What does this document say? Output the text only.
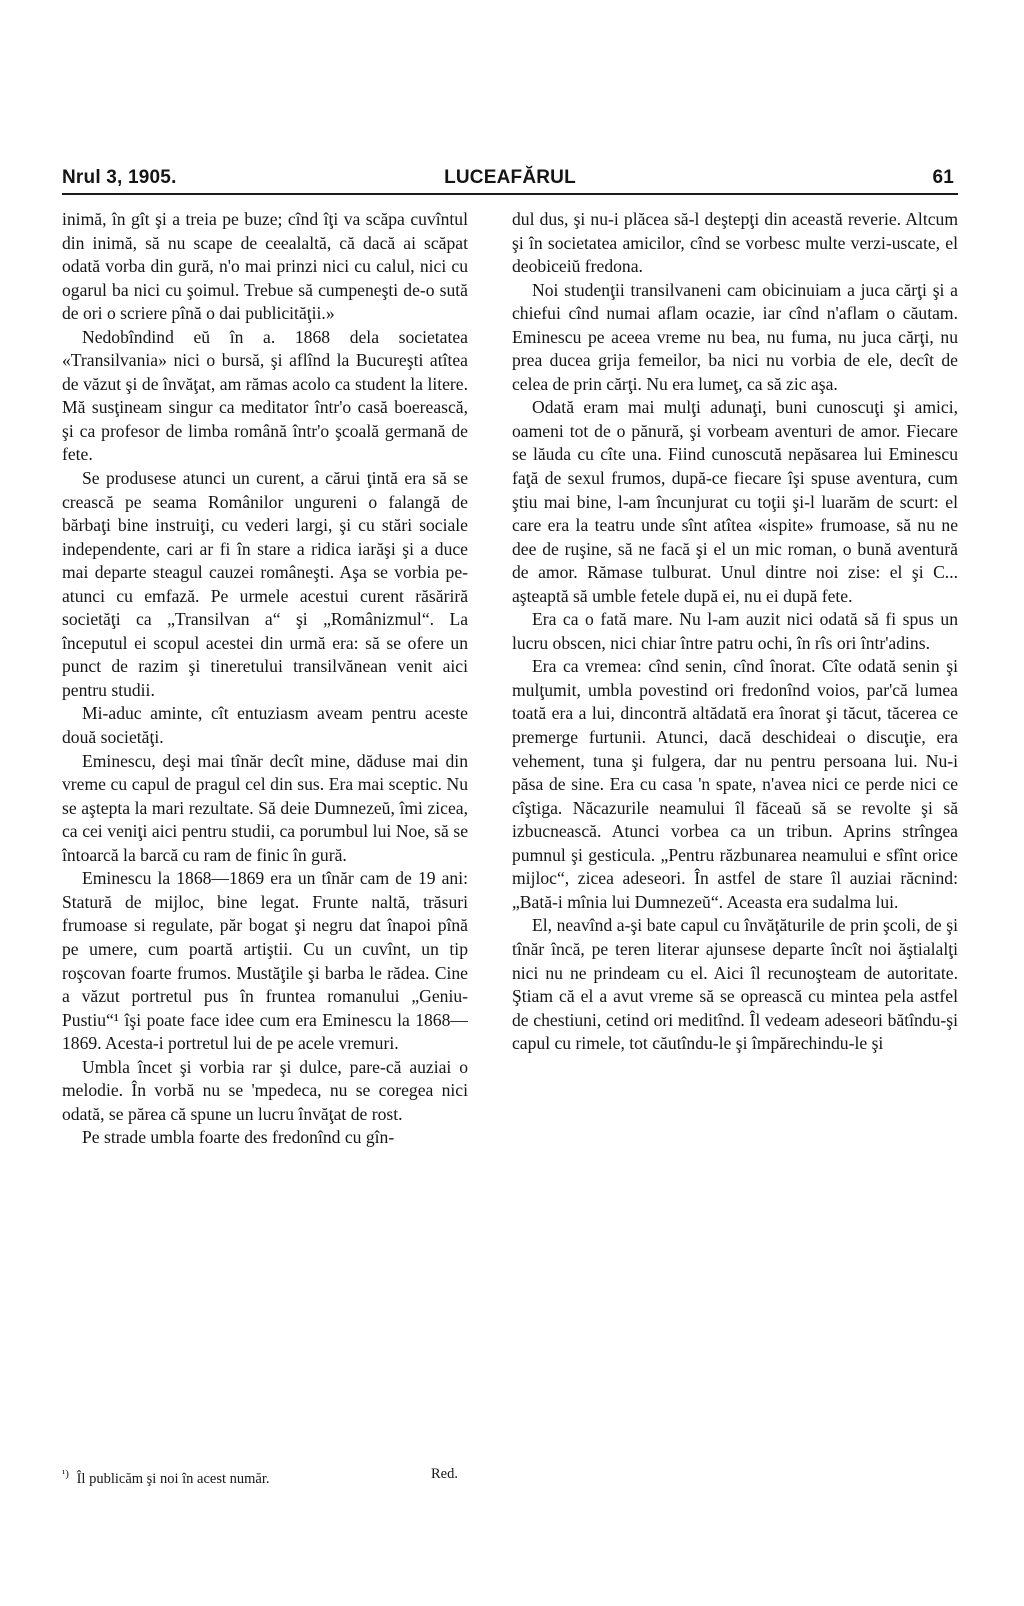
Nrul 3, 1905.	LUCEAFĂRUL	61

inimă, în gît şi a treia pe buze; cînd îţi va scăpa cuvîntul din inimă, să nu scape de ceealaltă, că dacă ai scăpat odată vorba din gură, n'o mai prinzi nici cu calul, nici cu ogarul ba nici cu şoimul. Trebue să cumpeneşti de-o sută de ori o scriere pînă o dai publicităţii.»

Nedobîndind eŭ în a. 1868 dela societatea «Transilvania» nici o bursă, şi aflînd la Bucureşti atîtea de văzut şi de învăţat, am rămas acolo ca student la litere. Mă susţineam singur ca meditator într'o casă boerească, şi ca profesor de limba română într'o şcoală germană de fete.

Se produsese atunci un curent, a cărui ţintă era să se crească pe seama Românilor ungureni o falangă de bărbaţi bine instruiţi, cu vederi largi, şi cu stări sociale independente, cari ar fi în stare a ridica iarăşi şi a duce mai departe steagul cauzei româneşti. Aşa se vorbia pe-atunci cu emfază. Pe urmele acestui curent răsăriră societăţi ca „Transilvan a“ şi „Românizmul“. La începutul ei scopul acestei din urmă era: să se ofere un punct de razim şi tineretului transilvănean venit aici pentru studii.

Mi-aduc aminte, cît entuziasm aveam pentru aceste două societăţi.

Eminescu, deşi mai tînăr decît mine, dăduse mai din vreme cu capul de pragul cel din sus. Era mai sceptic. Nu se aştepta la mari rezultate. Să deie Dumnezeŭ, îmi zicea, ca cei veniţi aici pentru studii, ca porumbul lui Noe, să se întoarcă la barcă cu ram de finic în gură.

Eminescu la 1868—1869 era un tînăr cam de 19 ani: Statură de mijloc, bine legat. Frunte naltă, trăsuri frumoase si regulate, păr bogat şi negru dat înapoi pînă pe umere, cum poartă artiştii. Cu un cuvînt, un tip roşcovan foarte frumos. Mustăţile şi barba le rădea. Cine a văzut portretul pus în fruntea romanului „Geniu-Pustiu“¹ îşi poate face idee cum era Eminescu la 1868—1869. Acesta-i portretul lui de pe acele vremuri.

Umbla încet şi vorbia rar şi dulce, pare-că auziai o melodie. În vorbă nu se 'mpedeca, nu se coregea nici odată, se părea că spune un lucru învăţat de rost.

Pe strade umbla foarte des fredonînd cu gîn-

dul dus, şi nu-i plăcea să-l deştepţi din această reverie. Altcum şi în societatea amicilor, cînd se vorbesc multe verzi-uscate, el deobiceiŭ fredona.

Noi studenţii transilvaneni cam obicinuiam a juca cărţi şi a chiefui cînd numai aflam ocazie, iar cînd n'aflam o căutam. Eminescu pe aceea vreme nu bea, nu fuma, nu juca cărţi, nu prea ducea grija femeilor, ba nici nu vorbia de ele, decît de celea de prin cărţi. Nu era lumeţ, ca să zic aşa.

Odată eram mai mulţi adunaţi, buni cunoscuţi şi amici, oameni tot de o pănură, şi vorbeam aventuri de amor. Fiecare se lăuda cu cîte una. Fiind cunoscută nepăsarea lui Eminescu faţă de sexul frumos, după-ce fiecare îşi spuse aventura, cum ştiu mai bine, l-am încunjurat cu toţii şi-l luarăm de scurt: el care era la teatru unde sînt atîtea «ispite» frumoase, să nu ne dee de ruşine, să ne facă şi el un mic roman, o bună aventură de amor. Rămase tulburat. Unul dintre noi zise: el şi C... aşteaptă să umble fetele după ei, nu ei după fete.

Era ca o fată mare. Nu l-am auzit nici odată să fi spus un lucru obscen, nici chiar între patru ochi, în rîs ori într'adins.

Era ca vremea: cînd senin, cînd înorat. Cîte odată senin şi mulţumit, umbla povestind ori fredonînd voios, par'că lumea toată era a lui, dincontră altădată era înorat şi tăcut, tăcerea ce premerge furtunii. Atunci, dacă deschideai o discuţie, era vehement, tuna şi fulgera, dar nu pentru persoana lui. Nu-i păsa de sine. Era cu casa 'n spate, n'avea nici ce perde nici ce cîştiga. Năcazurile neamului îl făceaŭ să se revolte şi să izbucnească. Atunci vorbea ca un tribun. Aprins strîngea pumnul şi gesticula. „Pentru răzbunarea neamului e sfînt orice mijloc“, zicea adeseori. În astfel de stare îl auziai răcnind: „Bată-i mînia lui Dumnezeŭ“. Aceasta era sudalma lui.

El, neavînd a-şi bate capul cu învăţăturile de prin şcoli, de şi tînăr încă, pe teren literar ajunsese departe încît noi ăştialalţi nici nu ne prindeam cu el. Aici îl recunoşteam de autoritate. Ştiam că el a avut vreme să se oprească cu mintea pela astfel de chestiuni, cetind ori meditînd. Îl vedeam adeseori bătîndu-şi capul cu rimele, tot căutîndu-le şi împărechindu-le şi

$^{^1)}$ Îl publicăm şi noi în acest număr.	Red.
